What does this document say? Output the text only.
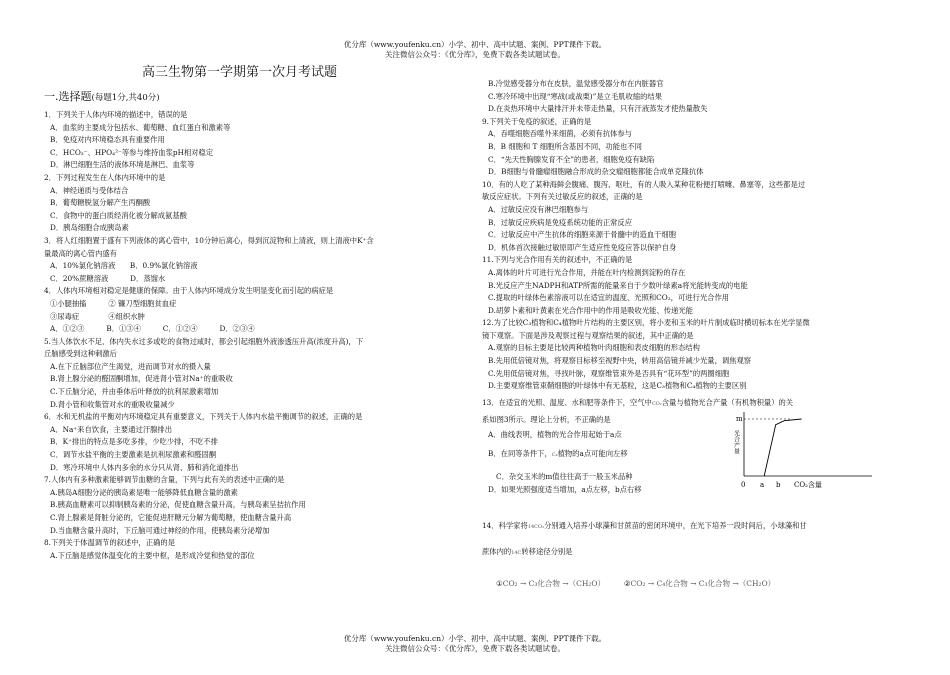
优分库（www.youfenku.cn）小学、初中、高中试题、案例、PPT课件下载。
关注微信公众号：《优分库》，免费下载各类试题试卷。

高三生物第一学期第一次月考试题

一.选择题(每题1分,共40分)

1．下列关于人体内环境的描述中，错误的是

A．血浆的主要成分包括水、葡萄糖、血红蛋白和激素等

B．免疫对内环境稳态具有重要作用

C．HCO₃⁻、HPO₄²⁻等参与维持血浆pH相对稳定

D．淋巴细胞生活的液体环境是淋巴、血浆等

2．下列过程发生在人体内环境中的是

A．神经递质与受体结合

B．葡萄糖脱氢分解产生丙酮酸

C．食物中的蛋白质经消化被分解成氨基酸

D．胰岛细胞合成胰岛素

3．将人红细胞置于盛有下列液体的离心管中，10分钟后离心，得到沉淀物和上清液，则上清液中K⁺含

量最高的离心管内盛有

A．10%氯化钠溶液　　B．0.9%氯化钠溶液

C．20%蔗糖溶液　　　D．蒸馏水

4．人体内环境相对稳定是健康的保障。由于人体内环境成分发生明显变化而引起的病症是

①小腿抽搐　　　② 镰刀型细胞贫血症

③尿毒症　　　　④组织水肿

A．①②③　　　B．①③④　　　C．①②④　　　D．②③④

5.当人体饮水不足、体内失水过多或吃的食物过咸时，都会引起细胞外液渗透压升高(浓度升高)，下

丘脑感受到这种刺激后

A.在下丘脑部位产生渴觉，进而调节对水的摄入量

B.肾上腺分泌的醛固酮增加，促进肾小管对Na⁺的重吸收

C.下丘脑分泌，并由垂体后叶释放的抗利尿激素增加

D.肾小管和收集管对水的重吸收量减少

6．水和无机盐的平衡对内环境稳定具有重要意义，下列关于人体内水盐平衡调节的叙述，正确的是

A．Na⁺来自饮食，主要通过汗腺排出

B．K⁺排出的特点是多吃多排，少吃少排，不吃不排

C．调节水盐平衡的主要激素是抗利尿激素和醛固酮

D．寒冷环境中人体内多余的水分只从肾、肺和消化道排出

7.人体内有多种激素能够调节血糖的含量，下列与此有关的表述中正确的是

A.胰岛A细胞分泌的胰岛素是唯一能够降低血糖含量的激素

B.胰高血糖素可以抑制胰岛素的分泌，促使血糖含量升高，与胰岛素呈拮抗作用

C.肾上腺素是肾脏分泌的，它能促进肝糖元分解为葡萄糖，使血糖含量升高

D.当血糖含量升高时，下丘脑可通过神经的作用，使胰岛素分泌增加

8.下列关于体温调节的叙述中，正确的是

A.下丘脑是感觉体温变化的主要中枢，是形成冷觉和热觉的部位

B.冷觉感受器分布在皮肤，温觉感受器分布在内脏器官

C.寒冷环境中出现“寒战(或战栗)”是立毛肌收缩的结果

D.在炎热环境中大量排汗并未带走热量，只有汗液蒸发才使热量散失

9.下列关于免疫的叙述，正确的是

A．吞噬细胞吞噬外来细菌，必须有抗体参与

B．B 细胞和 T 细胞所含基因不同，功能也不同

C．“先天性胸腺发育不全”的患者，细胞免疫有缺陷

D．B细胞与骨髓瘤细胞融合形成的杂交瘤细胞都能合成单克隆抗体

10．有的人吃了某种海鲜会腹痛、腹泻、呕吐，有的人吸入某种花粉便打喷嚏、鼻塞等，这些都是过

敏反应症状。下列有关过敏反应的叙述，正确的是

A．过敏反应没有淋巴细胞参与

B．过敏反应疾病是免疫系统功能的正常反应

C．过敏反应中产生抗体的细胞来源于骨髓中的造血干细胞

D．机体首次接触过敏原即产生适应性免疫应答以保护自身

11.下列与光合作用有关的叙述中，不正确的是

A.离体的叶片可进行光合作用，并能在叶内检测到淀粉的存在

B.光反应产生NADPH和ATP所需的能量来自于少数叶绿素a将光能转变成的电能

C.提取的叶绿体色素溶液可以在适宜的温度、光照和CO₂，可进行光合作用

D.胡萝卜素和叶黄素在光合作用中的作用是吸收光能、传递光能

12.为了比较C₃植物和C₄植物叶片结构的主要区别，将小麦和玉米的叶片制成临时横切标本在光学显微

镜下观察。下面是涉及观察过程与观察结果的叙述，其中正确的是

A.观察的目标主要是比较两种植物叶肉细胞和表皮细胞的形态结构

B.先用低倍镜对焦，将观察目标移至视野中央，转用高倍镜并减少光量，调焦观察

C.先用低倍镜对焦，寻找叶脉，观察维管束外是否具有“花环型”的两圈细胞

D.主要观察维管束鞘细胞的叶绿体中有无基粒，这是C₃植物和C₄植物的主要区别

13．在适宜的光照、温度、水和肥等条件下，空气中CO₂含量与植物光合产量（有机物积量）的关

系如图3所示。理论上分析，不正确的是

A．曲线表明，植物的光合作用起始于a点

B．在同等条件下，C₄植物的a点可能向左移

C．杂交玉米的m值往往高于一般玉米品种

D．如果光照强度适当增加，a点左移，b点右移

14．科学家将14CO₂分别通入培养小球藻和甘蔗苗的密闭环境中，在光下培养一段时间后，小球藻和甘

蔗体内的14C转移途径分别是

①CO₂ → C₃化合物 →（CH₂O）	②CO₂ → C₄化合物 → C₃化合物 →（CH₂O）

m
光合产量
0 a b CO₂含量
优分库（www.youfenku.cn）小学、初中、高中试题、案例、PPT课件下载。
关注微信公众号：《优分库》，免费下载各类试题试卷。
